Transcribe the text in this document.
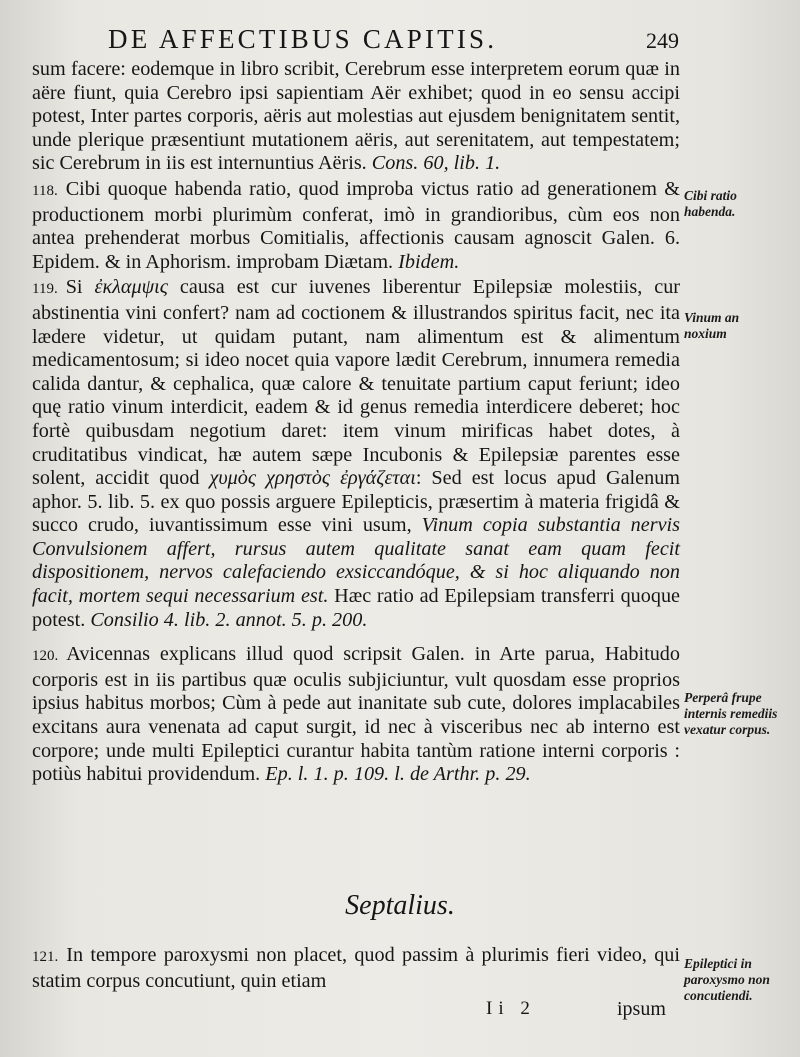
DE AFFECTIBUS CAPITIS.	249

sum facere: eodemque in libro scribit, Cerebrum esse interpretem eorum quæ in aëre fiunt, quia Cerebro ipsi sapientiam Aër exhibet; quod in eo sensu accipi potest, Inter partes corporis, aëris aut molestias aut ejusdem benignitatem sentit, unde plerique præsentiunt mutationem aëris, aut serenitatem, aut tempestatem; sic Cerebrum in iis est internuntius Aëris. Cons. 60, lib. 1.

118. Cibi quoque habenda ratio, quod improba victus ratio ad generationem & productionem morbi plurimùm conferat, imò in grandioribus, cùm eos non antea prehenderat morbus Comitialis, affectionis causam agnoscit Galen. 6. Epidem. & in Aphorism. improbam Diætam. Ibidem.

119. Si ἐκλαμψις causa est cur iuvenes liberentur Epilepsiæ molestiis, cur abstinentia vini confert? nam ad coctionem & illustrandos spiritus facit, nec ita lædere videtur, ut quidam putant, nam alimentum est & alimentum medicamentosum; si ideo nocet quia vapore lædit Cerebrum, innumera remedia calida dantur, & cephalica, quæ calore & tenuitate partium caput feriunt; ideo quę ratio vinum interdicit, eadem & id genus remedia interdicere deberet; hoc fortè quibusdam negotium daret: item vinum mirificas habet dotes, à cruditatibus vindicat, hæ autem sæpe Incubonis & Epilepsiæ parentes esse solent, accidit quod χυμὸς χρηστὸς ἐργάζεται: Sed est locus apud Galenum aphor. 5. lib. 5. ex quo possis arguere Epilepticis, præsertim à materia frigidâ & succo crudo, iuvantissimum esse vini usum, Vinum copia substantia nervis Convulsionem affert, rursus autem qualitate sanat eam quam fecit dispositionem, nervos calefaciendo exsiccandóque, & si hoc aliquando non facit, mortem sequi necessarium est. Hæc ratio ad Epilepsiam transferri quoque potest. Consilio 4. lib. 2. annot. 5. p. 200.

120. Avicennas explicans illud quod scripsit Galen. in Arte parua, Habitudo corporis est in iis partibus quæ oculis subjiciuntur, vult quosdam esse proprios ipsius habitus morbos; Cùm à pede aut inanitate sub cute, dolores implacabiles excitans aura venenata ad caput surgit, id nec à visceribus nec ab interno est corpore; unde multi Epileptici curantur habita tantùm ratione interni corporis : potiùs habitui providendum. Ep. l. 1. p. 109. l. de Arthr. p. 29.

Cibi ratio habenda.
Vinum an noxium
Perperâ frupe internis remediis vexatur corpus.
Epileptici in paroxysmo non concutiendi.
Septalius.
121. In tempore paroxysmi non placet, quod passim à plurimis fieri video, qui statim corpus concutiunt, quin etiam
Ii 2	ipsum
